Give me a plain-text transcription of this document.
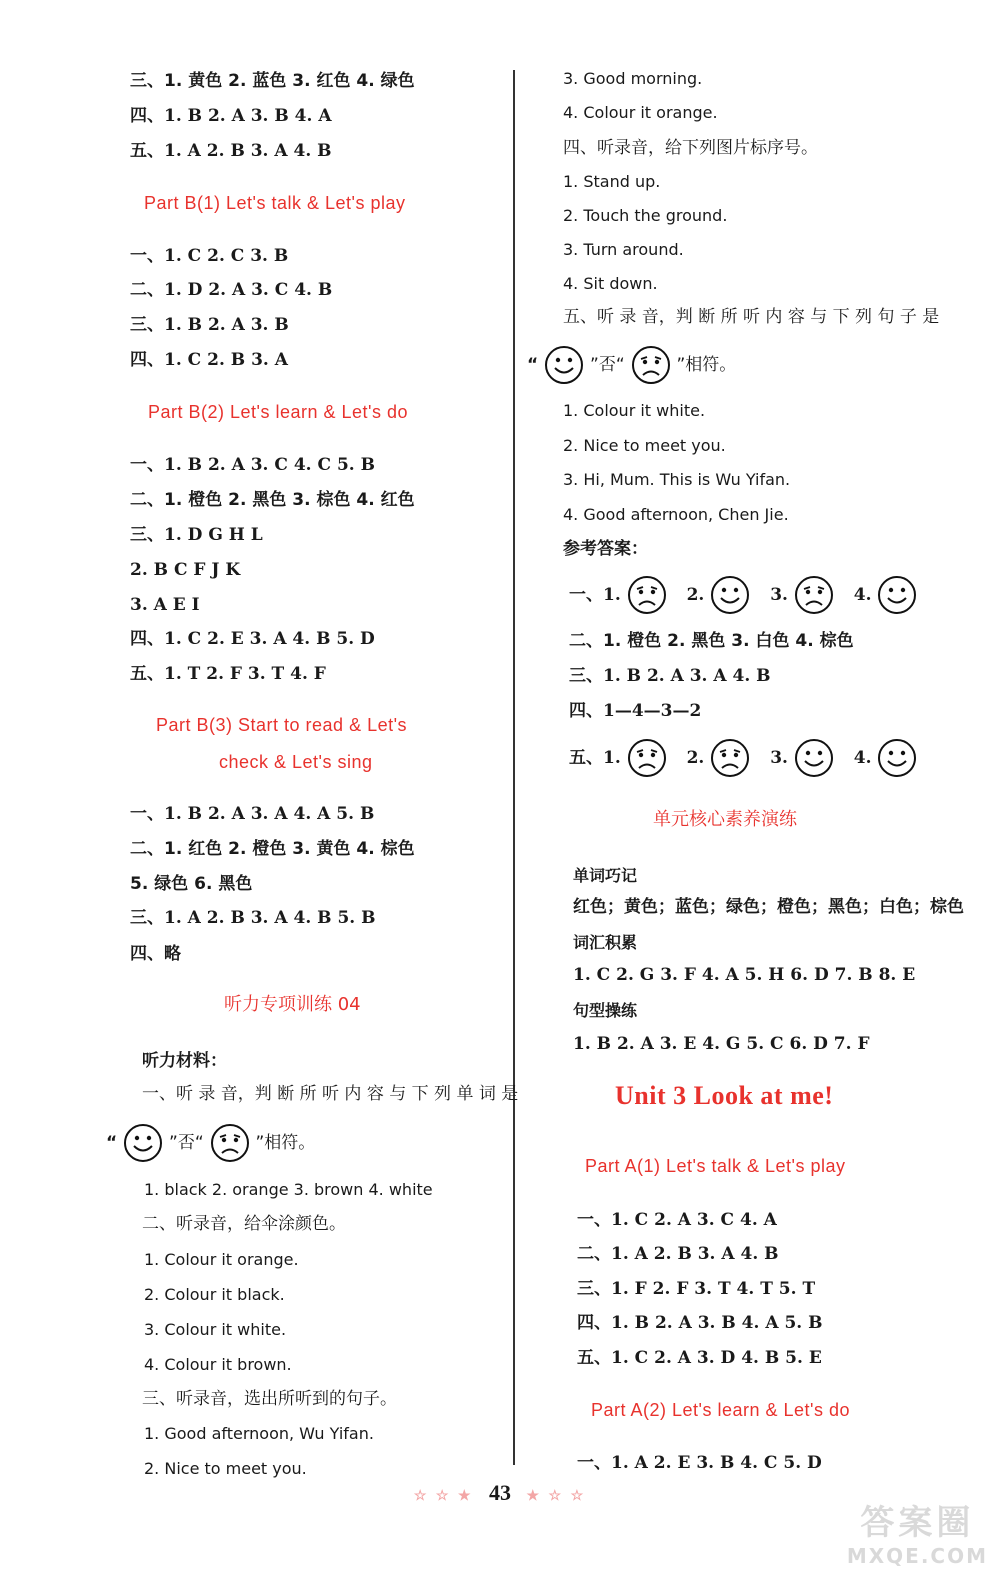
三、1. 黄色 2. 蓝色 3. 红色 4. 绿色
四、1. B 2. A 3. B 4. A
五、1. A 2. B 3. A 4. B
Part B(1) Let's talk & Let's play
一、1. C 2. C 3. B
二、1. D 2. A 3. C 4. B
三、1. B 2. A 3. B
四、1. C 2. B 3. A
Part B(2) Let's learn & Let's do
一、1. B 2. A 3. C 4. C 5. B
二、1. 橙色 2. 黑色 3. 棕色 4. 红色
三、1. D G H L
2. B C F J K
3. A E I
四、1. C 2. E 3. A 4. B 5. D
五、1. T 2. F 3. T 4. F
Part B(3) Start to read & Let's
check & Let's sing
一、1. B 2. A 3. A 4. A 5. B
二、1. 红色 2. 橙色 3. 黄色 4. 棕色
5. 绿色 6. 黑色
三、1. A 2. B 3. A 4. B 5. B
四、略
听力专项训练 04
听力材料：
一、听 录 音，判 断 所 听 内 容 与 下 列 单 词 是
“	”否“	”相符。
1. black 2. orange 3. brown 4. white
二、听录音，给伞涂颜色。
1. Colour it orange.
2. Colour it black.
3. Colour it white.
4. Colour it brown.
三、听录音，选出所听到的句子。
1. Good afternoon, Wu Yifan.
2. Nice to meet you.
3. Good morning.
4. Colour it orange.
四、听录音，给下列图片标序号。
1. Stand up.
2. Touch the ground.
3. Turn around.
4. Sit down.
五、听 录 音，判 断 所 听 内 容 与 下 列 句 子 是
“	”否“	”相符。
1. Colour it white.
2. Nice to meet you.
3. Hi, Mum. This is Wu Yifan.
4. Good afternoon, Chen Jie.
参考答案：
一、1.	2.	3.	4.
二、1. 橙色 2. 黑色 3. 白色 4. 棕色
三、1. B 2. A 3. A 4. B
四、1—4—3—2
五、1.	2.	3.	4.
单元核心素养演练
单词巧记
红色；黄色；蓝色；绿色；橙色；黑色；白色；棕色
词汇积累
1. C 2. G 3. F 4. A 5. H 6. D 7. B 8. E
句型操练
1. B 2. A 3. E 4. G 5. C 6. D 7. F
Unit 3 Look at me!
Part A(1) Let's talk & Let's play
一、1. C 2. A 3. C 4. A
二、1. A 2. B 3. A 4. B
三、1. F 2. F 3. T 4. T 5. T
四、1. B 2. A 3. B 4. A 5. B
五、1. C 2. A 3. D 4. B 5. E
Part A(2) Let's learn & Let's do
一、1. A 2. E 3. B 4. C 5. D
☆ ☆ ★ 43 ★ ☆ ☆
答案圈
MXQE.COM
